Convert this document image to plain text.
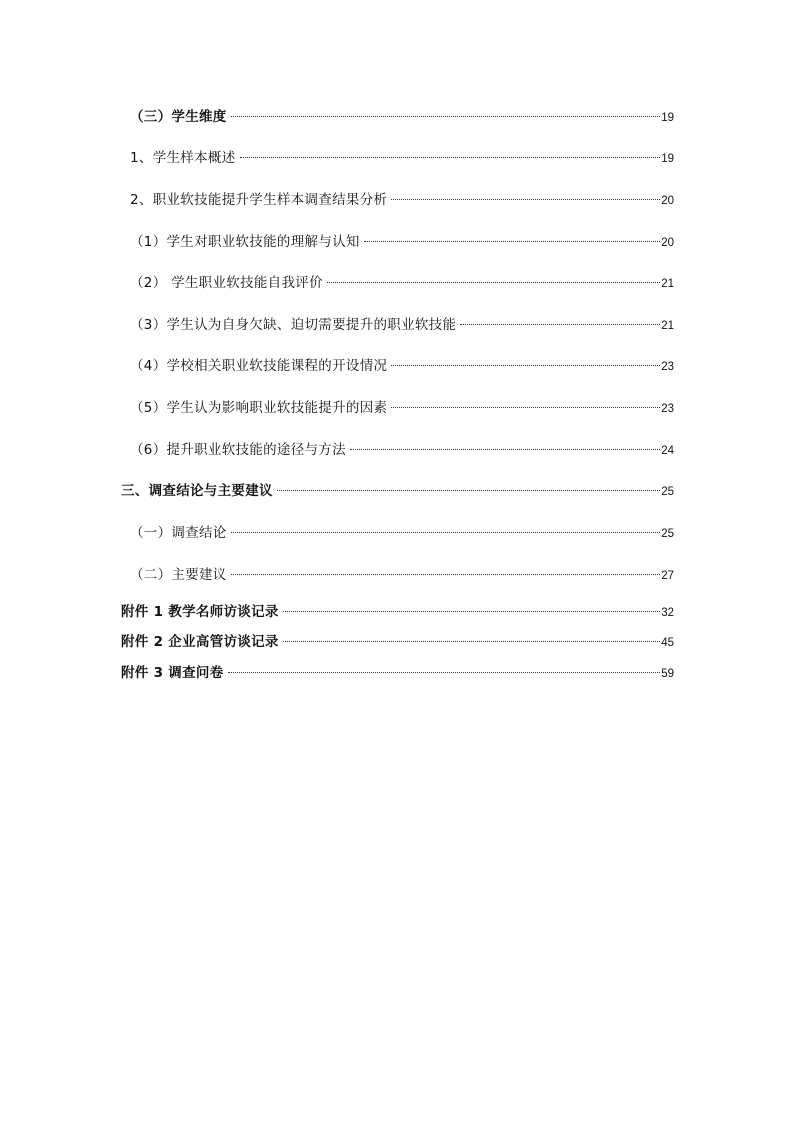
（三）学生维度	19
1、学生样本概述	19
2、职业软技能提升学生样本调查结果分析	20
（1）学生对职业软技能的理解与认知	20
（2） 学生职业软技能自我评价	21
（3）学生认为自身欠缺、迫切需要提升的职业软技能	21
（4）学校相关职业软技能课程的开设情况	23
（5）学生认为影响职业软技能提升的因素	23
（6）提升职业软技能的途径与方法	24
三、调查结论与主要建议	25
（一）调查结论	25
（二）主要建议	27
附件 1 教学名师访谈记录	32
附件 2 企业高管访谈记录	45
附件 3 调查问卷	59
